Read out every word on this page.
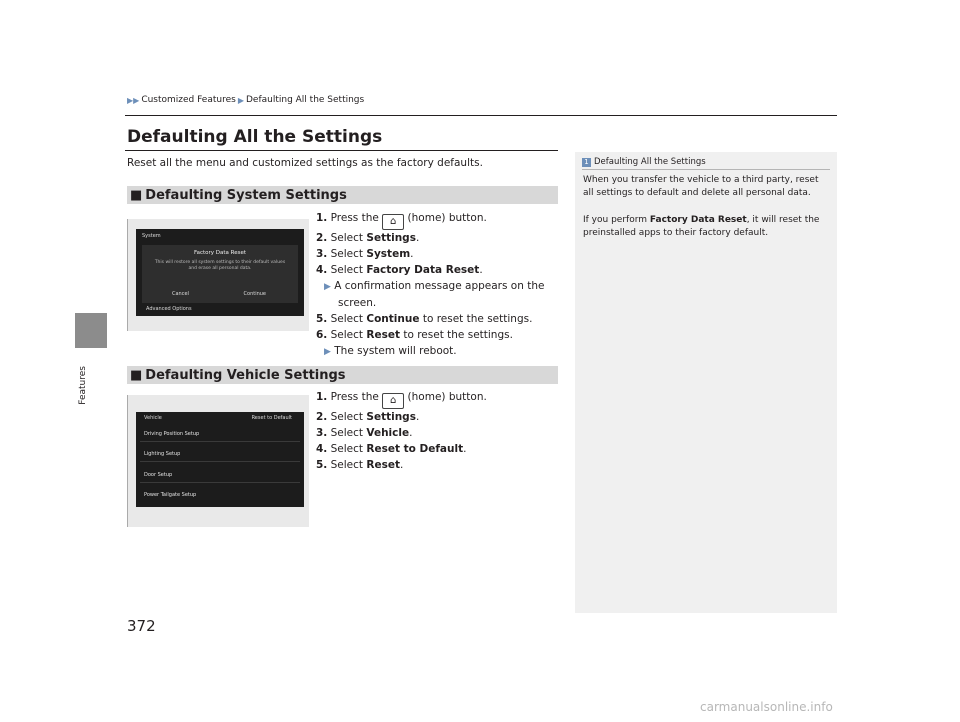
Features
▶▶ Customized Features ▶ Defaulting All the Settings
Defaulting All the Settings
Reset all the menu and customized settings as the factory defaults.
■ Defaulting System Settings
System
Factory Data Reset
This will restore all system settings to their default values and erase all personal data.
Cancel	Continue
Advanced Options
1. Press the ⌂ (home) button.
2. Select Settings.
3. Select System.
4. Select Factory Data Reset.
▶ A confirmation message appears on the
screen.
5. Select Continue to reset the settings.
6. Select Reset to reset the settings.
▶ The system will reboot.
■ Defaulting Vehicle Settings
Vehicle	Reset to Default
Driving Position Setup
Lighting Setup
Door Setup
Power Tailgate Setup
1. Press the ⌂ (home) button.
2. Select Settings.
3. Select Vehicle.
4. Select Reset to Default.
5. Select Reset.
1 Defaulting All the Settings
When you transfer the vehicle to a third party, reset all settings to default and delete all personal data.
If you perform Factory Data Reset, it will reset the preinstalled apps to their factory default.
372
carmanualsonline.info
